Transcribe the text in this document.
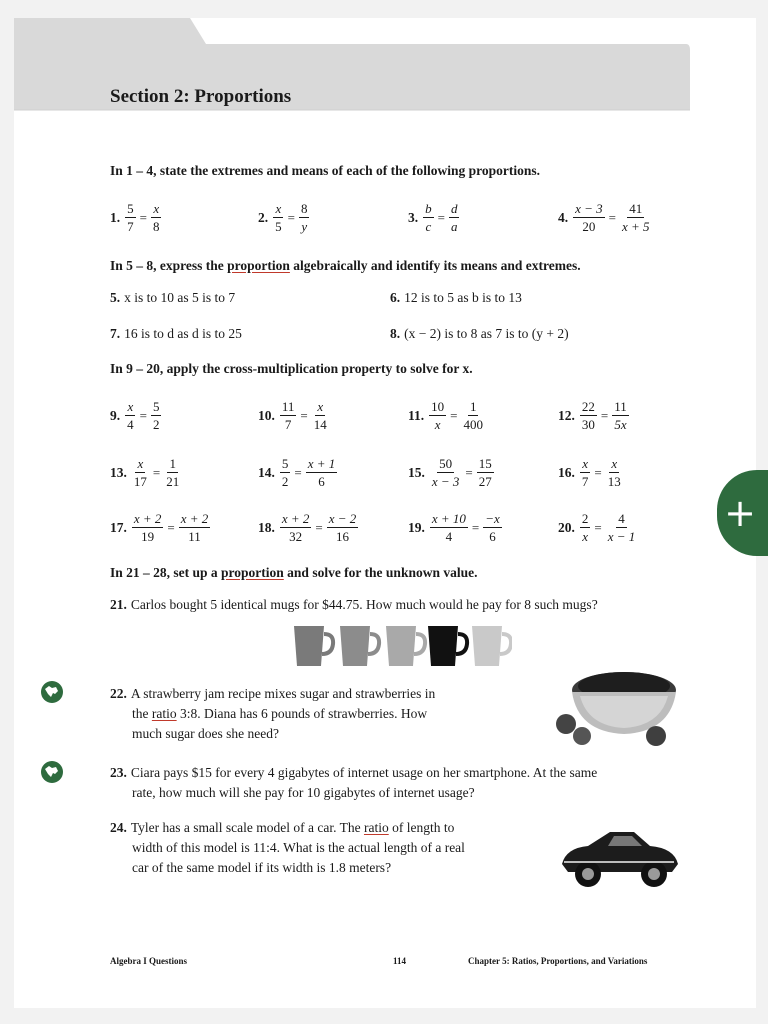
Section 2: Proportions
In 1 – 4, state the extremes and means of each of the following proportions.
In 5 – 8, express the proportion algebraically and identify its means and extremes.
5. x is to 10 as 5 is to 7	6. 12 is to 5 as b is to 13
7. 16 is to d as d is to 25	8. (x − 2) is to 8 as 7 is to (y + 2)
In 9 – 20, apply the cross-multiplication property to solve for x.
In 21 – 28, set up a proportion and solve for the unknown value.
21. Carlos bought 5 identical mugs for $44.75. How much would he pay for 8 such mugs?
22. A strawberry jam recipe mixes sugar and strawberries in
the ratio 3:8. Diana has 6 pounds of strawberries. How
much sugar does she need?
23. Ciara pays $15 for every 4 gigabytes of internet usage on her smartphone. At the same
rate, how much will she pay for 10 gigabytes of internet usage?
24. Tyler has a small scale model of a car. The ratio of length to
width of this model is 11:4. What is the actual length of a real
car of the same model if its width is 1.8 meters?
+
Algebra I Questions	114	Chapter 5: Ratios, Proportions, and Variations
1. $\frac{5}{7} = \frac{x}{8}$	2. $\frac{x}{5} = \frac{8}{y}$	3. $\frac{b}{c} = \frac{d}{a}$	4. $\frac{x - 3}{20} = \frac{41}{x + 5}$
9. $\frac{x}{4} = \frac{5}{2}$	10. $\frac{11}{7} = \frac{x}{14}$	11. $\frac{10}{x} = \frac{1}{400}$	12. $\frac{22}{30} = \frac{11}{5x}$
13. $\frac{x}{17} = \frac{1}{21}$	14. $\frac{5}{2} = \frac{x + 1}{6}$	15. $\frac{50}{x - 3} = \frac{15}{27}$	16. $\frac{x}{7} = \frac{x}{13}$
17. $\frac{x + 2}{19} = \frac{x + 2}{11}$	18. $\frac{x + 2}{32} = \frac{x - 2}{16}$	19. $\frac{x + 10}{4} = \frac{-x}{6}$	20. $\frac{2}{x} = \frac{4}{x - 1}$
